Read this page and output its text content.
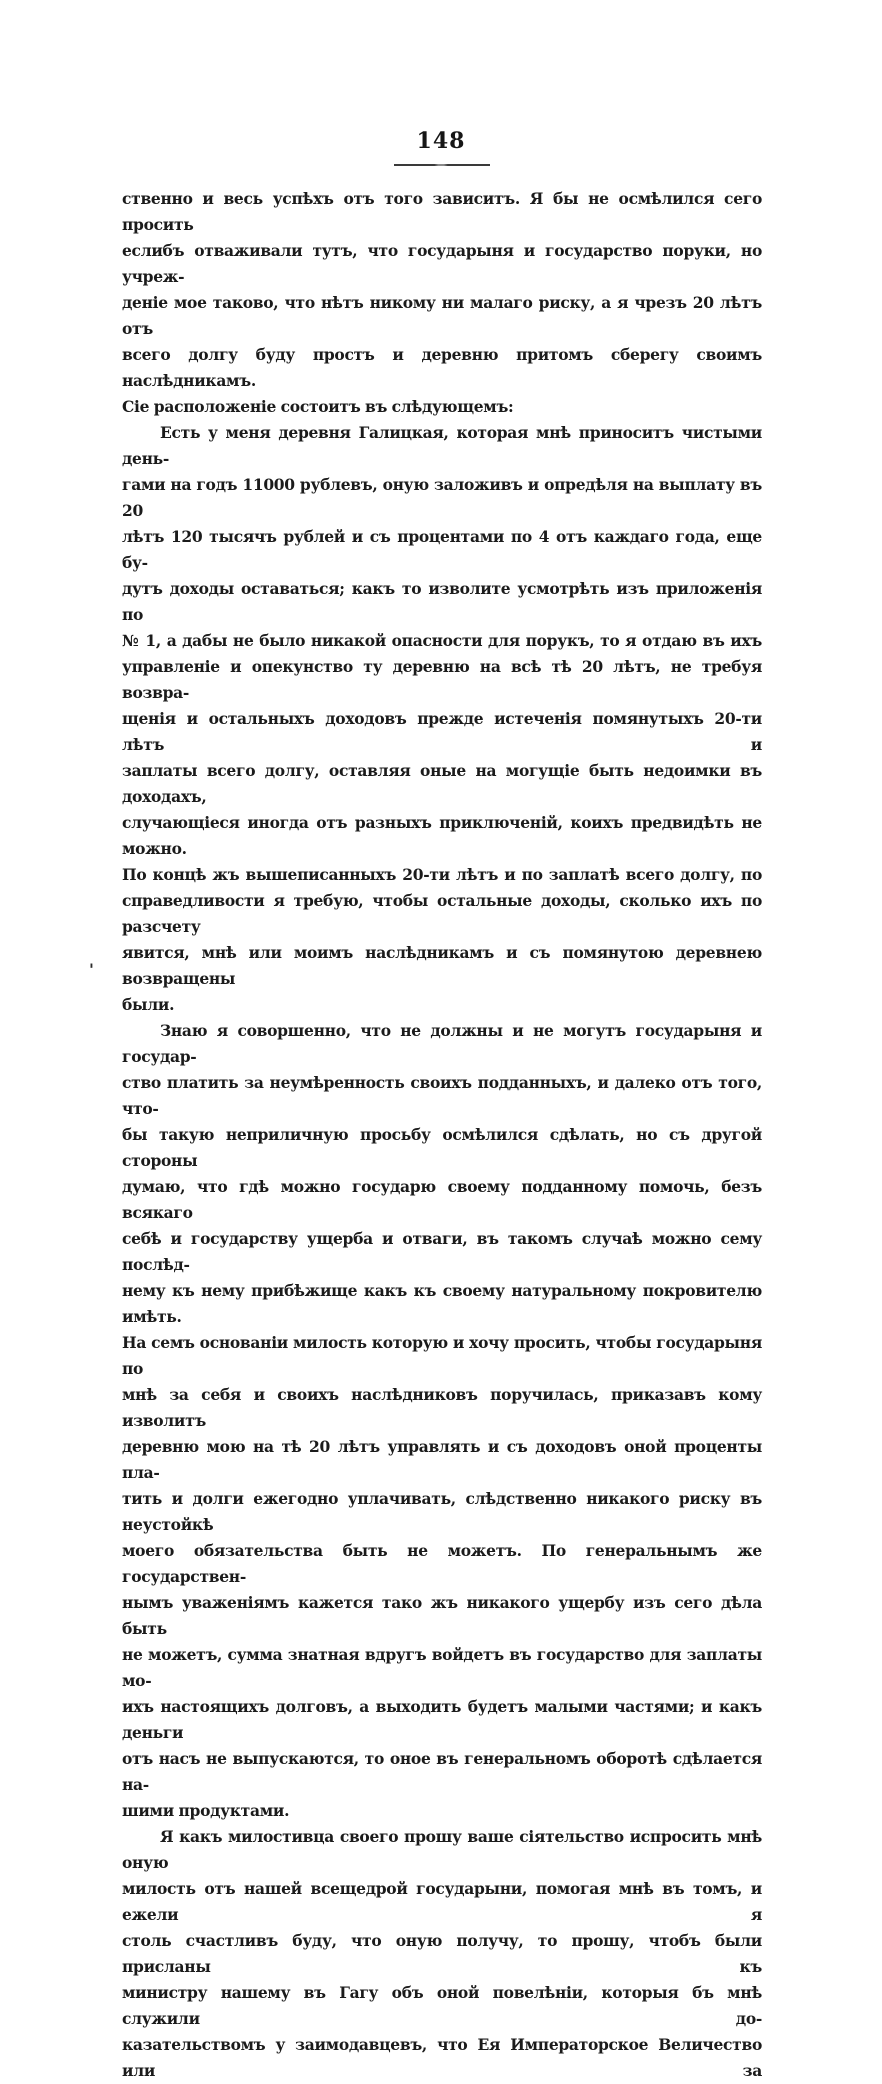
148
'
ственно и весь успѣхъ отъ того зависитъ. Я бы не осмѣлился сего просить
еслибъ отваживали тутъ, что государыня и государство поруки, но учреж-
деніе мое таково, что нѣтъ никому ни малаго риску, а я чрезъ 20 лѣтъ отъ
всего долгу буду простъ и деревню притомъ сберегу своимъ наслѣдникамъ.
Сіе расположеніе состоитъ въ слѣдующемъ:
Есть у меня деревня Галицкая, которая мнѣ приноситъ чистыми день-
гами на годъ 11000 рублевъ, оную заложивъ и опредѣля на выплату въ 20
лѣтъ 120 тысячъ рублей и съ процентами по 4 отъ каждаго года, еще бу-
дутъ доходы оставаться; какъ то изволите усмотрѣть изъ приложенія по
№ 1, а дабы не было никакой опасности для порукъ, то я отдаю въ ихъ
управленіе и опекунство ту деревню на всѣ тѣ 20 лѣтъ, не требуя возвра-
щенія и остальныхъ доходовъ прежде истеченія помянутыхъ 20-ти лѣтъ и
заплаты всего долгу, оставляя оные на могущіе быть недоимки въ доходахъ,
случающіеся иногда отъ разныхъ приключеній, коихъ предвидѣть не можно.
По концѣ жъ вышеписанныхъ 20-ти лѣтъ и по заплатѣ всего долгу, по
справедливости я требую, чтобы остальные доходы, сколько ихъ по разсчету
явится, мнѣ или моимъ наслѣдникамъ и съ помянутою деревнею возвращены
были.
Знаю я соворшенно, что не должны и не могутъ государыня и государ-
ство платить за неумѣренность своихъ подданныхъ, и далеко отъ того, что-
бы такую неприличную просьбу осмѣлился сдѣлать, но съ другой стороны
думаю, что гдѣ можно государю своему подданному помочь, безъ всякаго
себѣ и государству ущерба и отваги, въ такомъ случаѣ можно сему послѣд-
нему къ нему прибѣжище какъ къ своему натуральному покровителю имѣть.
На семъ основаніи милость которую и хочу просить, чтобы государыня по
мнѣ за себя и своихъ наслѣдниковъ поручилась, приказавъ кому изволитъ
деревню мою на тѣ 20 лѣтъ управлять и съ доходовъ оной проценты пла-
тить и долги ежегодно уплачивать, слѣдственно никакого риску въ неустойкѣ
моего обязательства быть не можетъ. По генеральнымъ же государствен-
нымъ уваженіямъ кажется тако жъ никакого ущербу изъ сего дѣла быть
не можетъ, сумма знатная вдругъ войдетъ въ государство для заплаты мо-
ихъ настоящихъ долговъ, а выходить будетъ малыми частями; и какъ деньги
отъ насъ не выпускаются, то оное въ генеральномъ оборотѣ сдѣлается на-
шими продуктами.
Я какъ милостивца своего прошу ваше сіятельство испросить мнѣ оную
милость отъ нашей всещедрой государыни, помогая мнѣ въ томъ, и ежели я
столь счастливъ буду, что оную получу, то прошу, чтобъ были присланы къ
министру нашему въ Гагу объ оной повелѣніи, которыя бъ мнѣ служили до-
казательствомъ у заимодавцевъ, что Ея Императорское Величество или за
